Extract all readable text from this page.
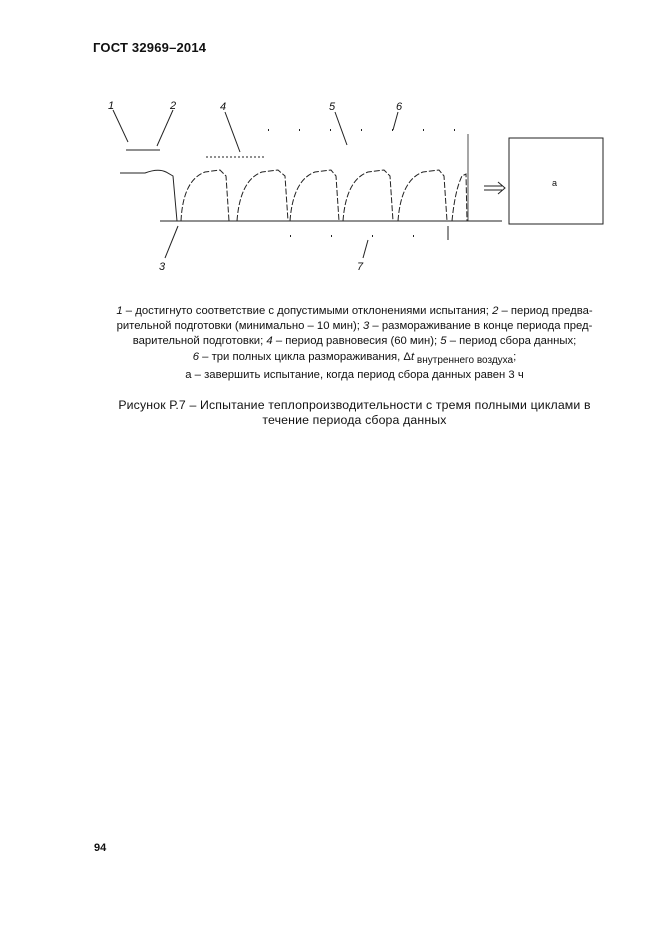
ГОСТ 32969–2014
1	2	4	5	6
3	7
a
1 – достигнуто соответствие с допустимыми отклонениями испытания; 2 – период предва-
рительной подготовки (минимально – 10 мин); 3 – размораживание в конце периода пред-
варительной подготовки; 4 – период равновесия (60 мин); 5 – период сбора данных;
6 – три полных цикла размораживания, Δt $_{внутреннего воздуха}$;
а – завершить испытание, когда период сбора данных равен 3 ч
Рисунок Р.7 – Испытание теплопроизводительности с тремя полными циклами в
течение периода сбора данных
94
